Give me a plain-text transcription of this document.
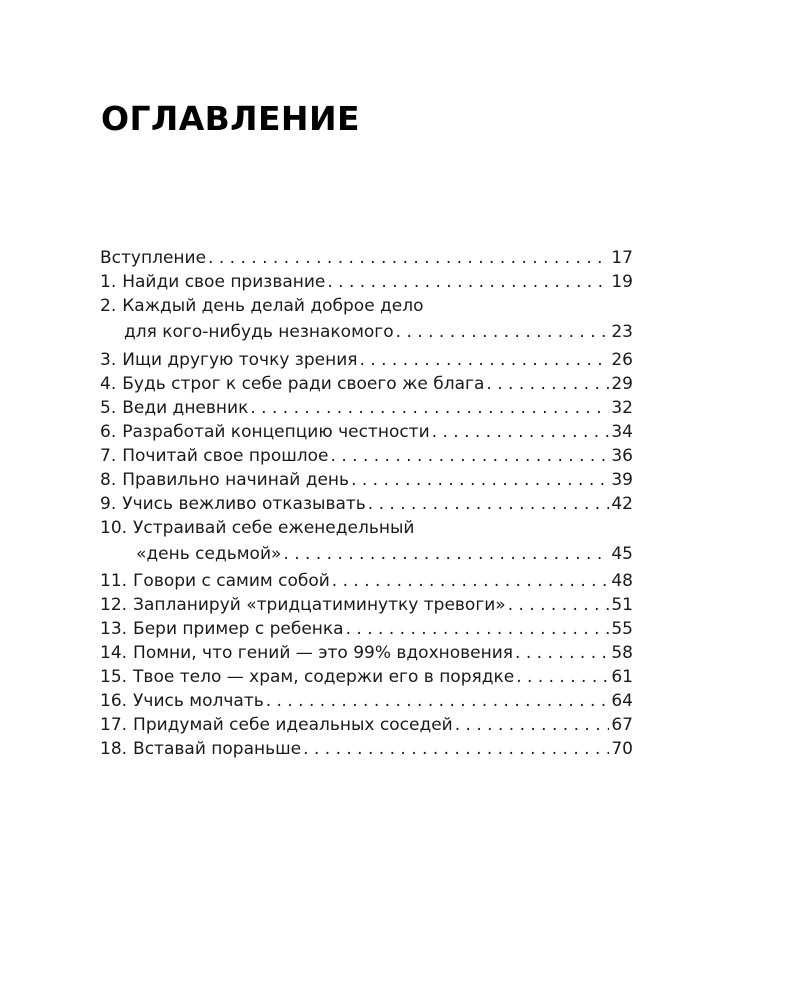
ОГЛАВЛЕНИЕ
Вступление . . .	17
1. Найди свое призвание . . .	19
2. Каждый день делай доброе дело
для кого-нибудь незнакомого . . .	23
3. Ищи другую точку зрения . . .	26
4. Будь строг к себе ради своего же блага . . .	29
5. Веди дневник . . .	32
6. Разработай концепцию честности . . .	34
7. Почитай свое прошлое . . .	36
8. Правильно начинай день . . .	39
9. Учись вежливо отказывать . . .	42
10. Устраивай себе еженедельный
«день седьмой» . . .	45
11. Говори с самим собой . . .	48
12. Запланируй «тридцатиминутку тревоги» . . .	51
13. Бери пример с ребенка . . .	55
14. Помни, что гений — это 99% вдохновения . . .	58
15. Твое тело — храм, содержи его в порядке . . .	61
16. Учись молчать . . .	64
17. Придумай себе идеальных соседей . . .	67
18. Вставай пораньше . . .	70
